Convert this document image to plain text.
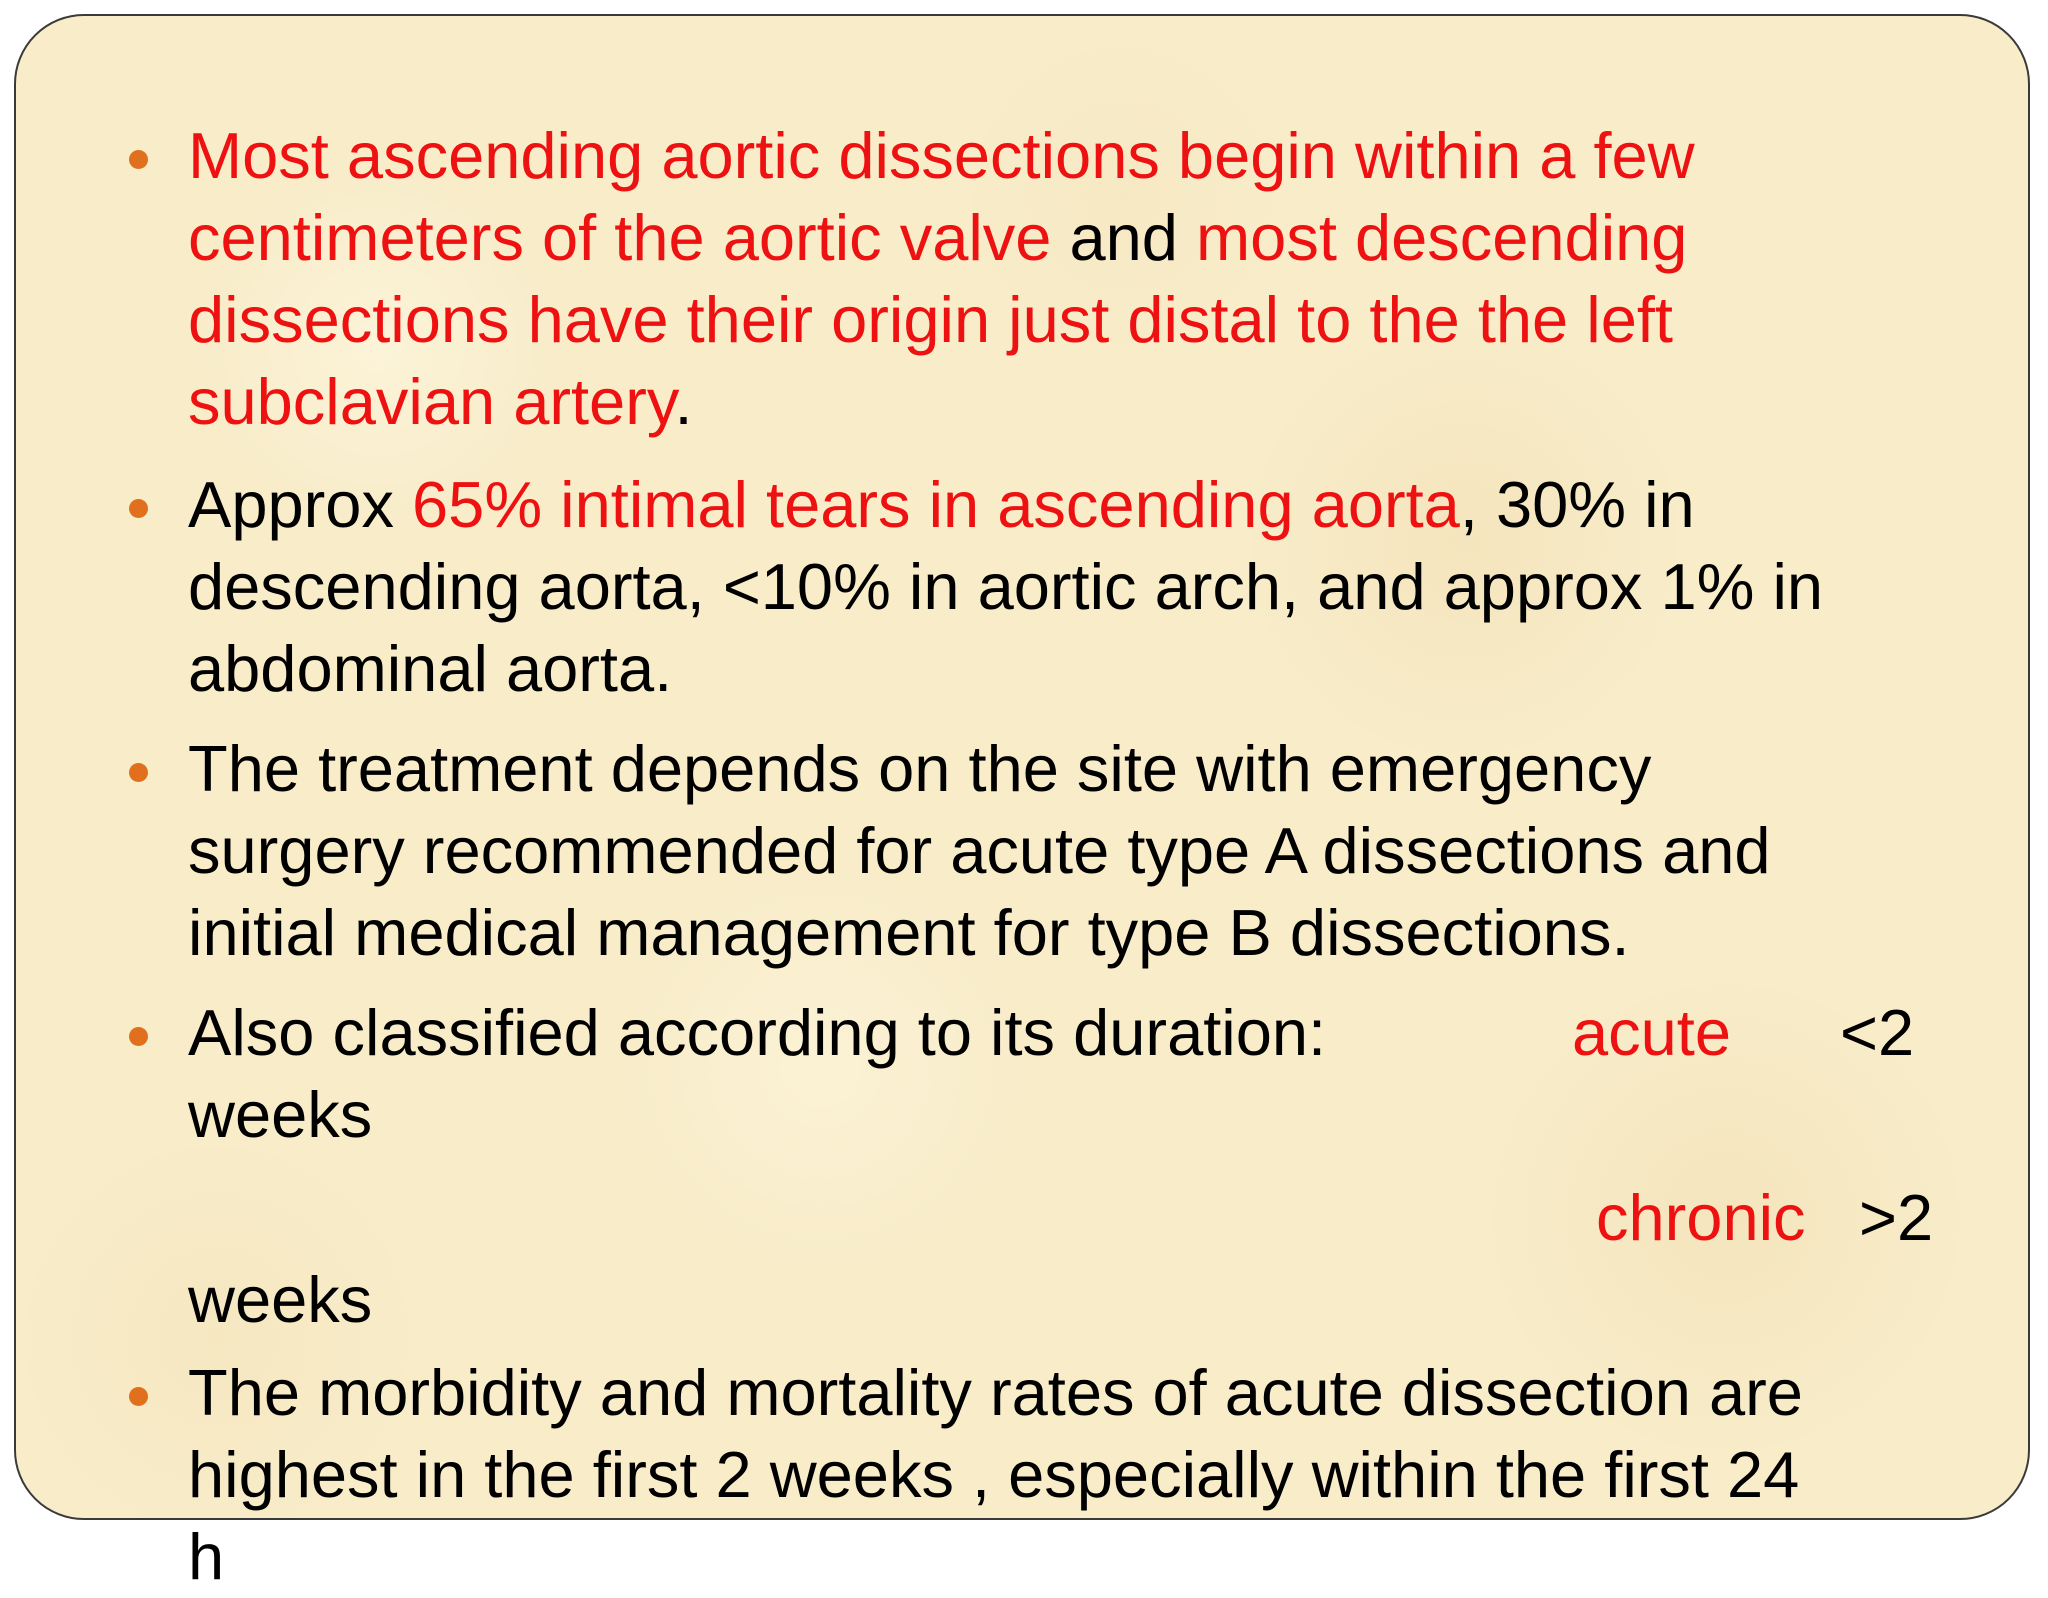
Most ascending aortic dissections begin within a few
centimeters of the aortic valve and most descending
dissections have their origin just distal to the the left
subclavian artery.
Approx 65% intimal tears in ascending aorta, 30% in
descending aorta, <10% in aortic arch, and approx 1% in
abdominal aorta.
The treatment depends on the site with emergency
surgery recommended for acute type A dissections and
initial medical management for type B dissections.
Also classified according to its duration:	acute <2
weeks
chronic >2
weeks
The morbidity and mortality rates of acute dissection are
highest in the first 2 weeks , especially within the first 24
h
